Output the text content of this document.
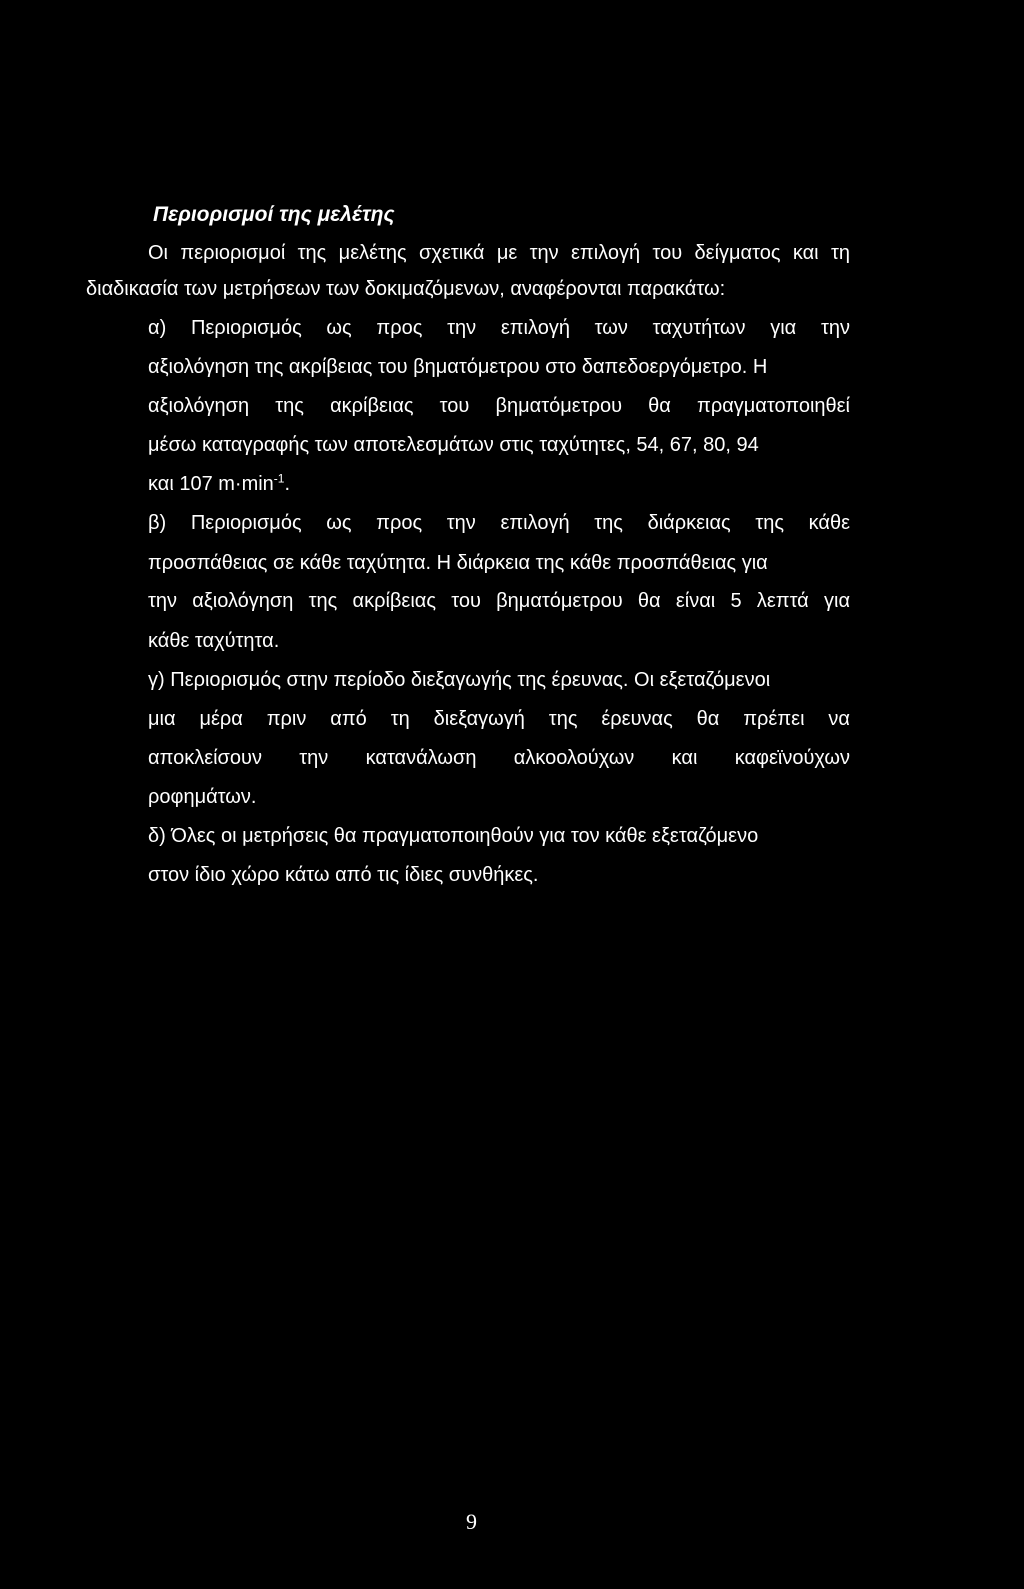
Περιορισμοί της μελέτης
Οι περιορισμοί της μελέτης σχετικά με την επιλογή του δείγματος και τη
διαδικασία των μετρήσεων των δοκιμαζόμενων, αναφέρονται παρακάτω:
α) Περιορισμός ως προς την επιλογή των ταχυτήτων για την
αξιολόγηση της ακρίβειας του βηματόμετρου στο δαπεδοεργόμετρο. Η
αξιολόγηση της ακρίβειας του βηματόμετρου θα πραγματοποιηθεί
μέσω καταγραφής των αποτελεσμάτων στις ταχύτητες, 54, 67, 80, 94
και 107 $m\cdot\min^{-1}$.
β) Περιορισμός ως προς την επιλογή της διάρκειας της κάθε
προσπάθειας σε κάθε ταχύτητα. Η διάρκεια της κάθε προσπάθειας για
την αξιολόγηση της ακρίβειας του βηματόμετρου θα είναι 5 λεπτά για
κάθε ταχύτητα.
γ) Περιορισμός στην περίοδο διεξαγωγής της έρευνας. Οι εξεταζόμενοι
μια μέρα πριν από τη διεξαγωγή της έρευνας θα πρέπει να
αποκλείσουν την κατανάλωση αλκοολούχων και καφεϊνούχων
ροφημάτων.
δ) Όλες οι μετρήσεις θα πραγματοποιηθούν για τον κάθε εξεταζόμενο
στον ίδιο χώρο κάτω από τις ίδιες συνθήκες.
9
